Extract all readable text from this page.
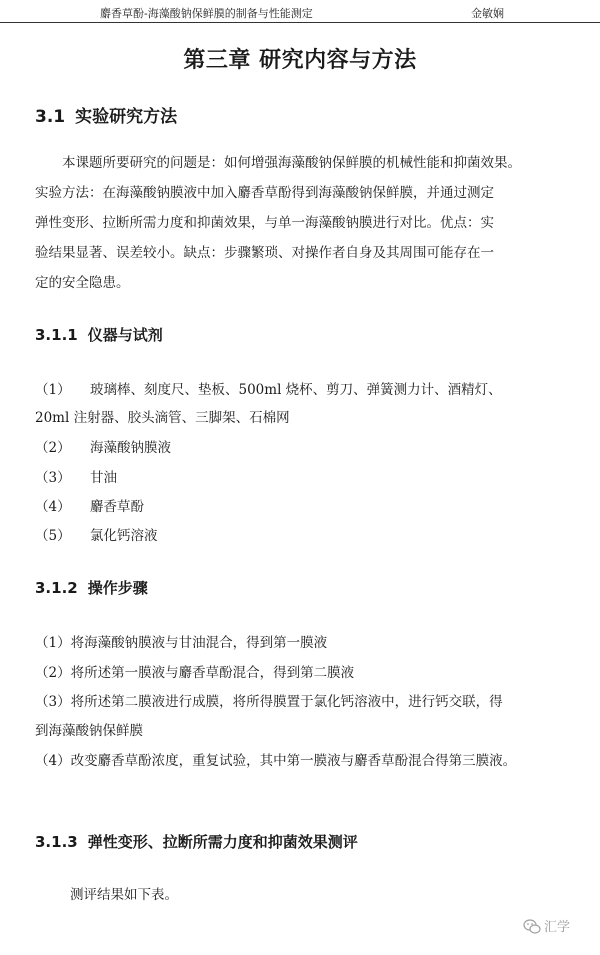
麝香草酚-海藻酸钠保鲜膜的制备与性能测定	金敏娴
第三章 研究内容与方法
3.1 实验研究方法
本课题所要研究的问题是：如何增强海藻酸钠保鲜膜的机械性能和抑菌效果。
实验方法：在海藻酸钠膜液中加入麝香草酚得到海藻酸钠保鲜膜，并通过测定
弹性变形、拉断所需力度和抑菌效果，与单一海藻酸钠膜进行对比。优点：实
验结果显著、误差较小。缺点：步骤繁琐、对操作者自身及其周围可能存在一
定的安全隐患。
3.1.1 仪器与试剂
（1） 玻璃棒、刻度尺、垫板、500ml 烧杯、剪刀、弹簧测力计、酒精灯、
20ml 注射器、胶头滴管、三脚架、石棉网
（2） 海藻酸钠膜液
（3） 甘油
（4） 麝香草酚
（5） 氯化钙溶液
3.1.2 操作步骤
（1）将海藻酸钠膜液与甘油混合，得到第一膜液
（2）将所述第一膜液与麝香草酚混合，得到第二膜液
（3）将所述第二膜液进行成膜，将所得膜置于氯化钙溶液中，进行钙交联，得
到海藻酸钠保鲜膜
（4）改变麝香草酚浓度，重复试验，其中第一膜液与麝香草酚混合得第三膜液。
3.1.3 弹性变形、拉断所需力度和抑菌效果测评
测评结果如下表。
汇学
